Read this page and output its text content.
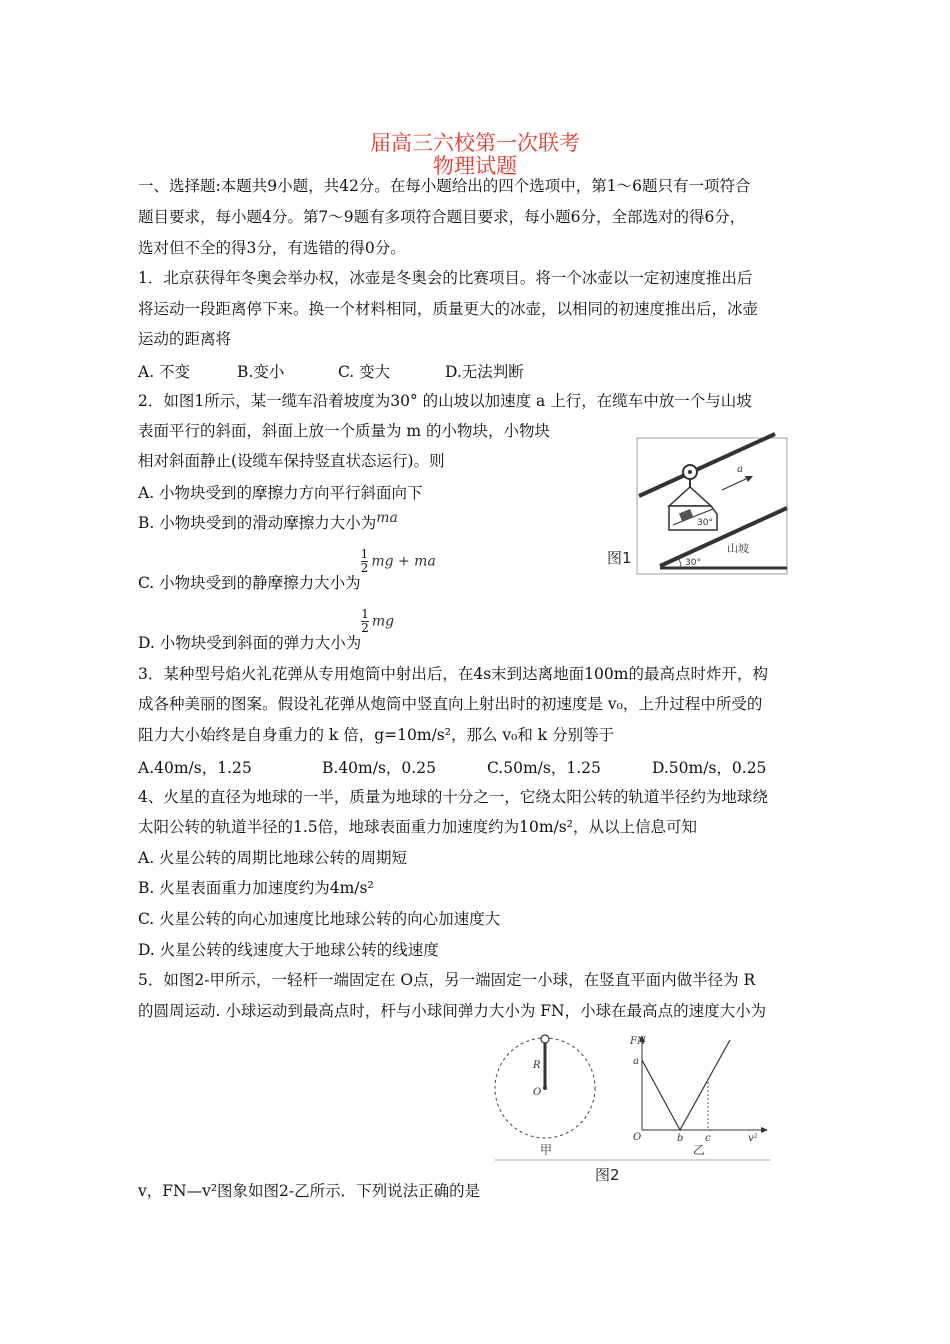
届高三六校第一次联考
物理试题
一、选择题:本题共9小题，共42分。在每小题给出的四个选项中，第1～6题只有一项符合
题目要求，每小题4分。第7～9题有多项符合题目要求，每小题6分，全部选对的得6分，
选对但不全的得3分，有选错的得0分。
1．北京获得年冬奥会举办权，冰壶是冬奥会的比赛项目。将一个冰壶以一定初速度推出后
将运动一段距离停下来。换一个材料相同，质量更大的冰壶，以相同的初速度推出后，冰壶
运动的距离将
A. 不变	B.变小	C. 变大	D.无法判断
2．如图1所示，某一缆车沿着坡度为30° 的山坡以加速度 a 上行，在缆车中放一个与山坡
表面平行的斜面，斜面上放一个质量为 m 的小物块，小物块
相对斜面静止(设缆车保持竖直状态运行)。则
A. 小物块受到的摩擦力方向平行斜面向下
B. 小物块受到的滑动摩擦力大小为ma
C. 小物块受到的静摩擦力大小为
$\frac{1}{2}$ mg + ma
D. 小物块受到斜面的弹力大小为
$\frac{1}{2}$ mg
30°
a
30°
山坡
图1
3．某种型号焰火礼花弹从专用炮筒中射出后，在4s末到达离地面100m的最高点时炸开，构
成各种美丽的图案。假设礼花弹从炮筒中竖直向上射出时的初速度是 v₀，上升过程中所受的
阻力大小始终是自身重力的 k 倍，g=10m/s²，那么 v₀和 k 分别等于
A.40m/s，1.25	B.40m/s，0.25	C.50m/s，1.25	D.50m/s，0.25
4、火星的直径为地球的一半，质量为地球的十分之一，它绕太阳公转的轨道半径约为地球绕
太阳公转的轨道半径的1.5倍，地球表面重力加速度约为10m/s²，从以上信息可知
A. 火星公转的周期比地球公转的周期短
B. 火星表面重力加速度约为4m/s²
C. 火星公转的向心加速度比地球公转的向心加速度大
D. 火星公转的线速度大于地球公转的线速度
5．如图2-甲所示，一轻杆一端固定在 O点，另一端固定一小球，在竖直平面内做半径为 R
的圆周运动. 小球运动到最高点时，杆与小球间弹力大小为 FN，小球在最高点的速度大小为
R
O
甲
FN
a
O	b c	v²
乙
图2
v，FN—v²图象如图2-乙所示．下列说法正确的是
